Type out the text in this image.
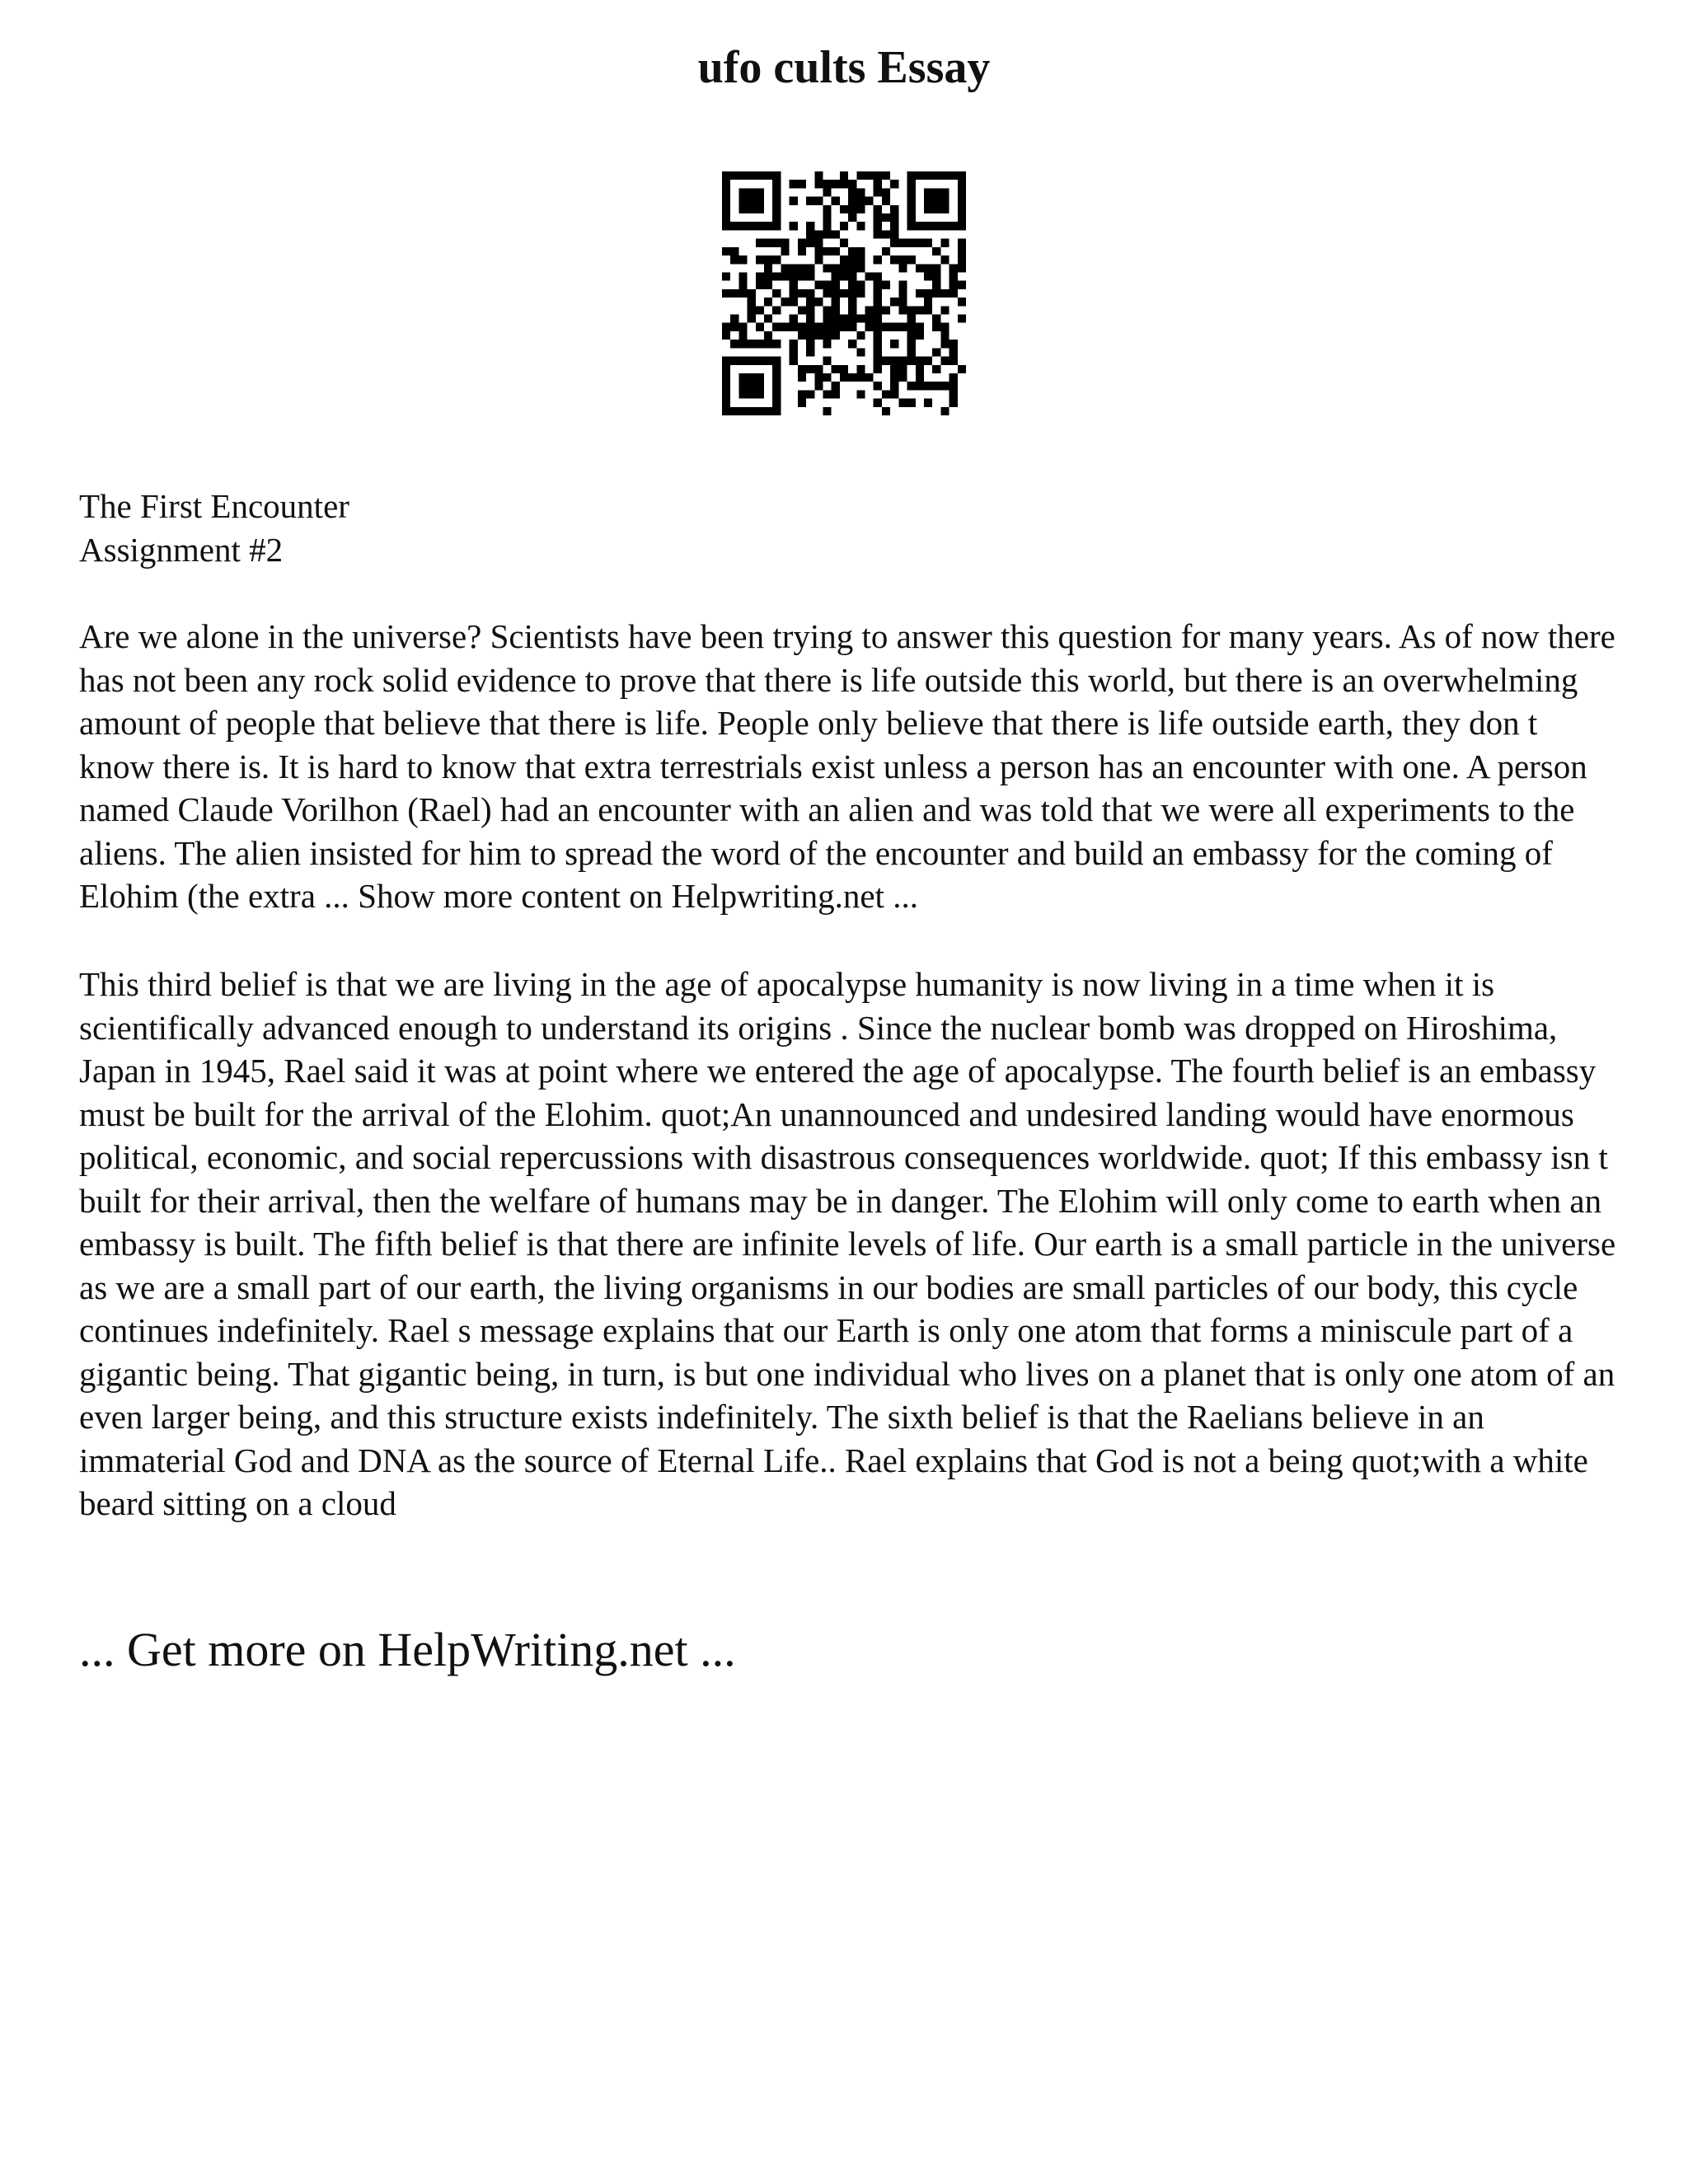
ufo cults Essay

The First Encounter

Assignment #2

Are we alone in the universe? Scientists have been trying to answer this question for many years. As of now there has not been any rock solid evidence to prove that there is life outside this world, but there is an overwhelming amount of people that believe that there is life. People only believe that there is life outside earth, they don t know there is. It is hard to know that extra terrestrials exist unless a person has an encounter with one. A person named Claude Vorilhon (Rael) had an encounter with an alien and was told that we were all experiments to the aliens. The alien insisted for him to spread the word of the encounter and build an embassy for the coming of Elohim (the extra ... Show more content on Helpwriting.net ...

This third belief is that we are living in the age of apocalypse humanity is now living in a time when it is scientifically advanced enough to understand its origins . Since the nuclear bomb was dropped on Hiroshima, Japan in 1945, Rael said it was at point where we entered the age of apocalypse. The fourth belief is an embassy must be built for the arrival of the Elohim. quot;An unannounced and undesired landing would have enormous political, economic, and social repercussions with disastrous consequences worldwide. quot; If this embassy isn t built for their arrival, then the welfare of humans may be in danger. The Elohim will only come to earth when an embassy is built. The fifth belief is that there are infinite levels of life. Our earth is a small particle in the universe as we are a small part of our earth, the living organisms in our bodies are small particles of our body, this cycle continues indefinitely. Rael s message explains that our Earth is only one atom that forms a miniscule part of a gigantic being. That gigantic being, in turn, is but one individual who lives on a planet that is only one atom of an even larger being, and this structure exists indefinitely. The sixth belief is that the Raelians believe in an immaterial God and DNA as the source of Eternal Life.. Rael explains that God is not a being quot;with a white beard sitting on a cloud

... Get more on HelpWriting.net ...
